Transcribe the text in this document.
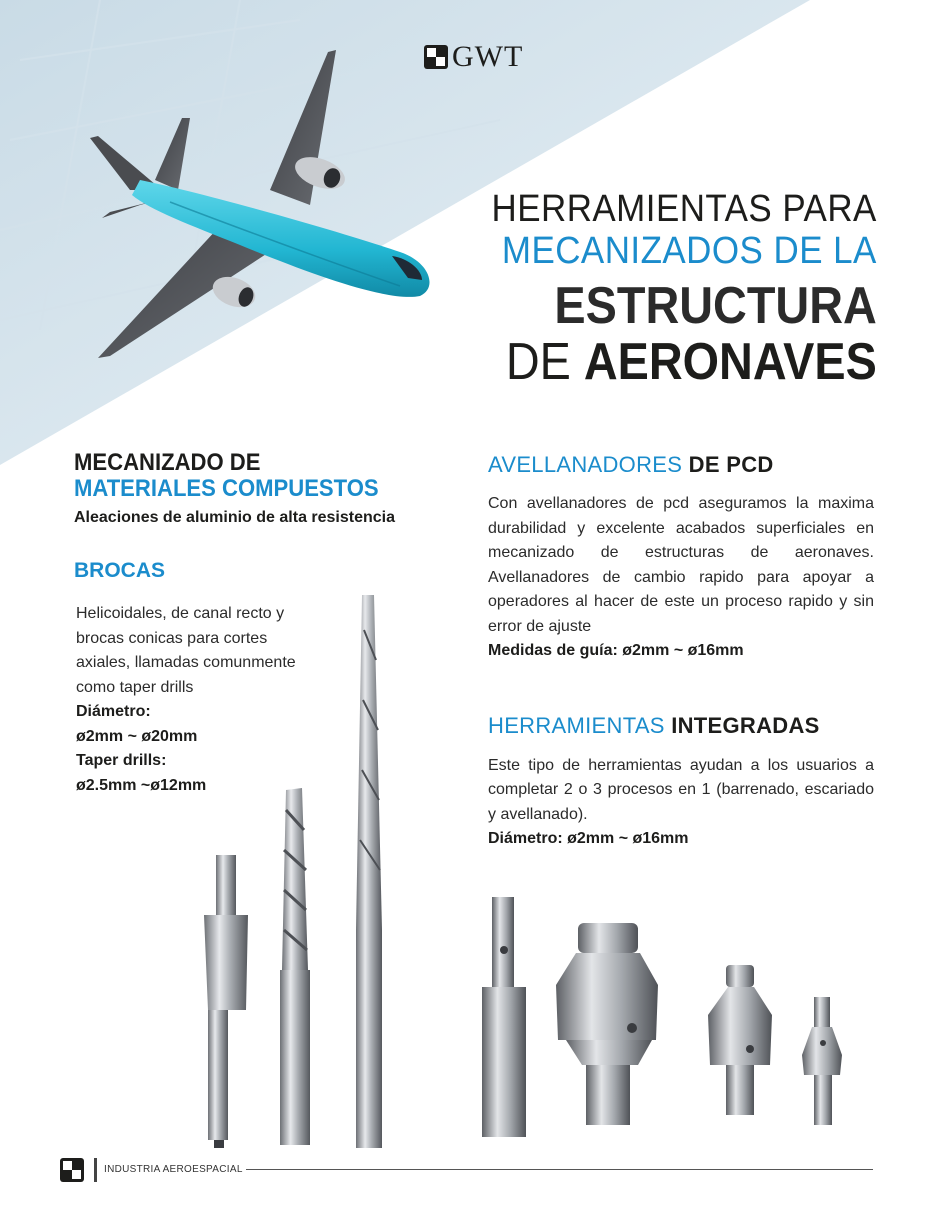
GWT
HERRAMIENTAS PARA
MECANIZADOS DE LA
ESTRUCTURA
DE AERONAVES

MECANIZADO DE

MATERIALES COMPUESTOS

Aleaciones de aluminio de alta resistencia

BROCAS

Helicoidales, de canal recto y brocas conicas para cortes axiales, llamadas comunmente como taper drills
Diámetro:
ø2mm ~ ø20mm
Taper drills:
ø2.5mm ~ø12mm

AVELLANADORES DE PCD

Con avellanadores de pcd aseguramos la maxima durabilidad y excelente acabados superficiales en mecanizado de estructuras de aeronaves. Avellanadores de cambio rapido para apoyar a operadores al hacer de este un proceso rapido y sin error de ajuste

Medidas de guía: ø2mm ~ ø16mm

HERRAMIENTAS INTEGRADAS

Este tipo de herramientas ayudan a los usuarios a completar 2 o 3 procesos en 1 (barrenado, escariado y avellanado).

Diámetro: ø2mm ~ ø16mm

INDUSTRIA AEROESPACIAL
